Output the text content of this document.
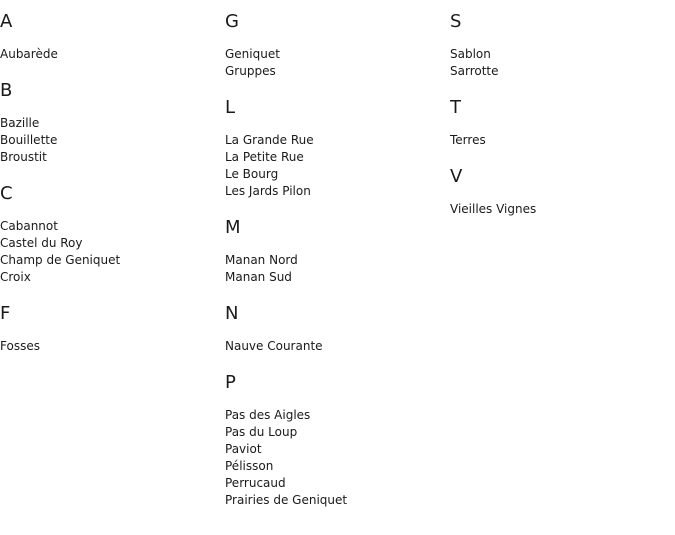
A
Aubarède
B
Bazille
Bouillette
Broustit
C
Cabannot
Castel du Roy
Champ de Geniquet
Croix
F
Fosses
G
Geniquet
Gruppes
L
La Grande Rue
La Petite Rue
Le Bourg
Les Jards Pilon
M
Manan Nord
Manan Sud
N
Nauve Courante
P
Pas des Aigles
Pas du Loup
Paviot
Pélisson
Perrucaud
Prairies de Geniquet
S
Sablon
Sarrotte
T
Terres
V
Vieilles Vignes
